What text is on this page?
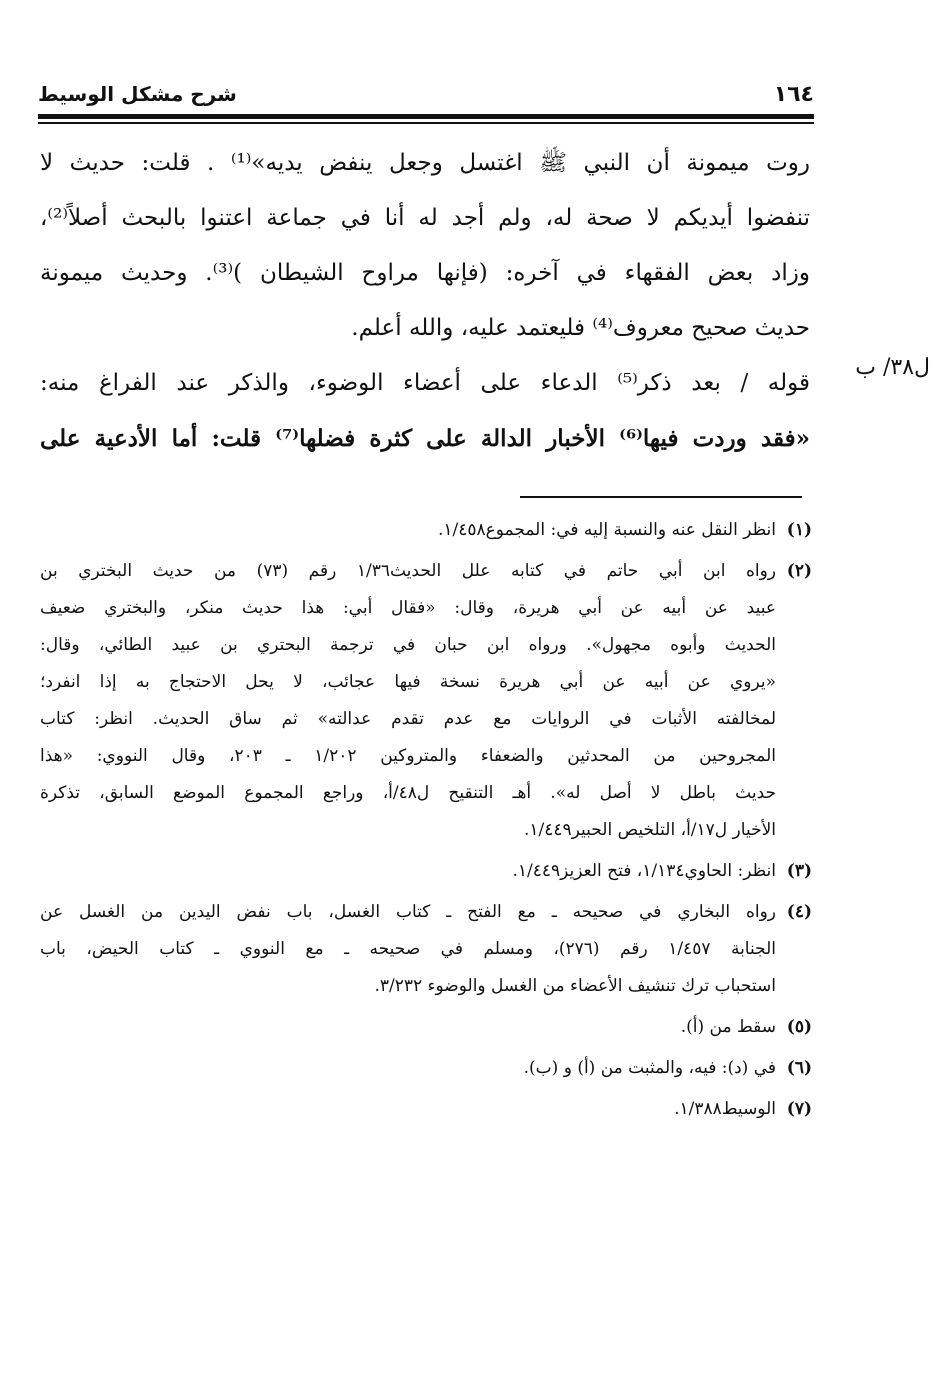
شرح مشكل الوسيط	١٦٤
ل٣٨/ ب
روت ميمونة أن النبي ﷺ اغتسل وجعل ينفض يديه»⁽¹⁾ . قلت: حديث لا
تنفضوا أيديكم لا صحة له، ولم أجد له أنا في جماعة اعتنوا بالبحث أصلاً⁽²⁾،
وزاد بعض الفقهاء في آخره: (فإنها مراوح الشيطان )⁽³⁾. وحديث ميمونة
حديث صحيح معروف⁽⁴⁾ فليعتمد عليه، والله أعلم.
قوله / بعد ذكر⁽⁵⁾ الدعاء على أعضاء الوضوء، والذكر عند الفراغ منه:
«فقد وردت فيها⁽⁶⁾ الأخبار الدالة على كثرة فضلها⁽⁷⁾ قلت: أما الأدعية على
(١)انظر النقل عنه والنسبة إليه في: المجموع١/٤٥٨.
(٢)رواه ابن أبي حاتم في كتابه علل الحديث١/٣٦ رقم (٧٣) من حديث البختري بن
عبيد عن أبيه عن أبي هريرة، وقال: «فقال أبي: هذا حديث منكر، والبختري ضعيف
الحديث وأبوه مجهول». ورواه ابن حبان في ترجمة البحتري بن عبيد الطائي، وقال:
«يروي عن أبيه عن أبي هريرة نسخة فيها عجائب، لا يحل الاحتجاج به إذا انفرد؛
لمخالفته الأثبات في الروايات مع عدم تقدم عدالته» ثم ساق الحديث. انظر: كتاب
المجروحين من المحدثين والضعفاء والمتروكين ١/٢٠٢ ـ ٢٠٣، وقال النووي: «هذا
حديث باطل لا أصل له». أهـ التنقيح ل٤٨/أ، وراجع المجموع الموضع السابق، تذكرة
الأخيار ل١٧/أ، التلخيص الحبير١/٤٤٩.
(٣)انظر: الحاوي١/١٣٤، فتح العزيز١/٤٤٩.
(٤)رواه البخاري في صحيحه ـ مع الفتح ـ كتاب الغسل، باب نفض اليدين من الغسل عن
الجنابة ١/٤٥٧ رقم (٢٧٦)، ومسلم في صحيحه ـ مع النووي ـ كتاب الحيض، باب
استحباب ترك تنشيف الأعضاء من الغسل والوضوء ٣/٢٣٢.
(٥)سقط من (أ).
(٦)في (د): فيه، والمثبت من (أ) و (ب).
(٧)الوسيط١/٣٨٨.
